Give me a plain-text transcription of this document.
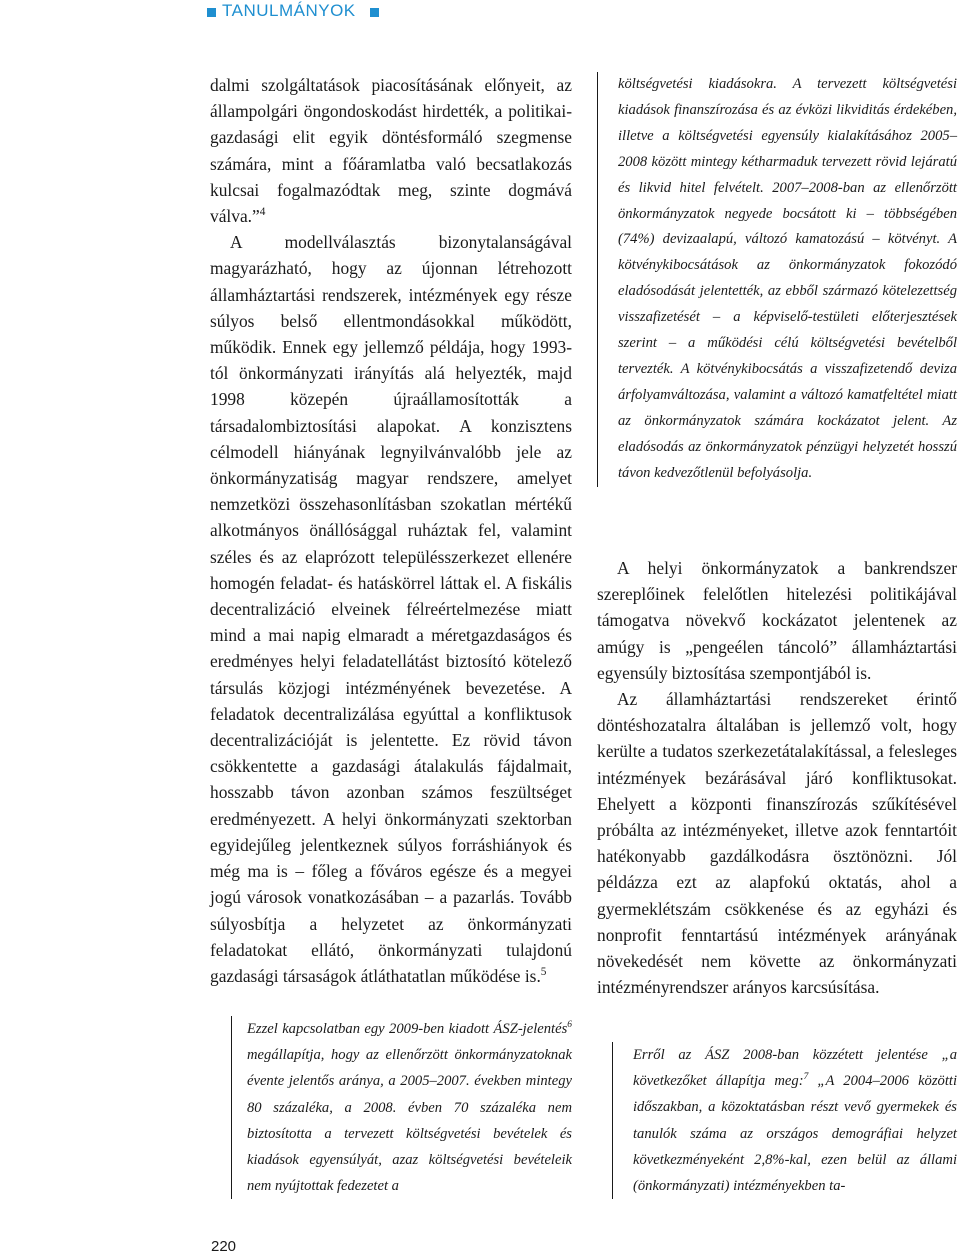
TANULMÁNYOK

dalmi szolgáltatások piacosításának előnyeit, az állampolgári öngondoskodást hirdették, a politikai-gazdasági elit egyik döntésformáló szegmense számára, mint a főáramlatba való becsatlakozás kulcsai fogalmazódtak meg, szinte dogmává válva.”$^4$

A modellválasztás bizonytalanságával magyarázható, hogy az újonnan létrehozott államháztartási rendszerek, intézmények egy része súlyos belső ellentmondásokkal működött, működik. Ennek egy jellemző példája, hogy 1993-tól önkormányzati irányítás alá helyezték, majd 1998 közepén újraállamosították a társadalombiztosítási alapokat. A konzisztens célmodell hiányának legnyilvánvalóbb jele az önkormányzatiság magyar rendszere, amelyet nemzetközi összehasonlításban szokatlan mértékű alkotmányos önállósággal ruháztak fel, valamint széles és az elaprózott településszerkezet ellenére homogén feladat- és hatáskörrel láttak el. A fiskális decentralizáció elveinek félreértelmezése miatt mind a mai napig elmaradt a méretgazdaságos és eredményes helyi feladatellátást biztosító kötelező társulás közjogi intézményének bevezetése. A feladatok decentralizálása egyúttal a konfliktusok decentralizációját is jelentette. Ez rövid távon csökkentette a gazdasági átalakulás fájdalmait, hosszabb távon azonban számos feszültséget eredményezett. A helyi önkormányzati szektorban egyidejűleg jelentkeznek súlyos forráshiányok és még ma is – főleg a főváros egésze és a megyei jogú városok vonatkozásában – a pazarlás. Tovább súlyosbítja a helyzetet az önkormányzati feladatokat ellátó, önkormányzati tulajdonú gazdasági társaságok átláthatatlan működése is.$^5$

Ezzel kapcsolatban egy 2009-ben kiadott ÁSZ-jelentés$^6$ megállapítja, hogy az ellenőrzött önkormányzatoknak évente jelentős aránya, a 2005–2007. években mintegy 80 százaléka, a 2008. évben 70 százaléka nem biztosította a tervezett költségvetési bevételek és kiadások egyensúlyát, azaz költségvetési bevételeik nem nyújtottak fedezetet a
költségvetési kiadásokra. A tervezett költségvetési kiadások finanszírozása és az évközi likviditás érdekében, illetve a költségvetési egyensúly kialakításához 2005–2008 között mintegy kétharmaduk tervezett rövid lejáratú és likvid hitel felvételt. 2007–2008-ban az ellenőrzött önkormányzatok negyede bocsátott ki – többségében (74%) devizaalapú, változó kamatozású – kötvényt. A kötvénykibocsátások az önkormányzatok fokozódó eladósodását jelentették, az ebből származó kötelezettség visszafizetését – a képviselő-testületi előterjesztések szerint – a működési célú költségvetési bevételből tervezték. A kötvénykibocsátás a visszafizetendő deviza árfolyamváltozása, valamint a változó kamatfeltétel miatt az önkormányzatok számára kockázatot jelent. Az eladósodás az önkormányzatok pénzügyi helyzetét hosszú távon kedvezőtlenül befolyásolja.

A helyi önkormányzatok a bankrendszer szereplőinek felelőtlen hitelezési politikájával támogatva növekvő kockázatot jelentenek az amúgy is „pengeélen táncoló” államháztartási egyensúly biztosítása szempontjából is.

Az államháztartási rendszereket érintő döntéshozatalra általában is jellemző volt, hogy kerülte a tudatos szerkezetátalakítással, a felesleges intézmények bezárásával járó konfliktusokat. Ehelyett a központi finanszírozás szűkítésével próbálta az intézményeket, illetve azok fenntartóit hatékonyabb gazdálkodásra ösztönözni. Jól példázza ezt az alapfokú oktatás, ahol a gyermeklétszám csökkenése és az egyházi és nonprofit fenntartású intézmények arányának növekedését nem követte az önkormányzati intézményrendszer arányos karcsúsítása.

Erről az ÁSZ 2008-ban közzétett jelentése „a következőket állapítja meg:$^7$ „A 2004–2006 közötti időszakban, a közoktatásban részt vevő gyermekek és tanulók száma az országos demográfiai helyzet következményeként 2,8%-kal, ezen belül az állami (önkormányzati) intézményekben ta-
220
